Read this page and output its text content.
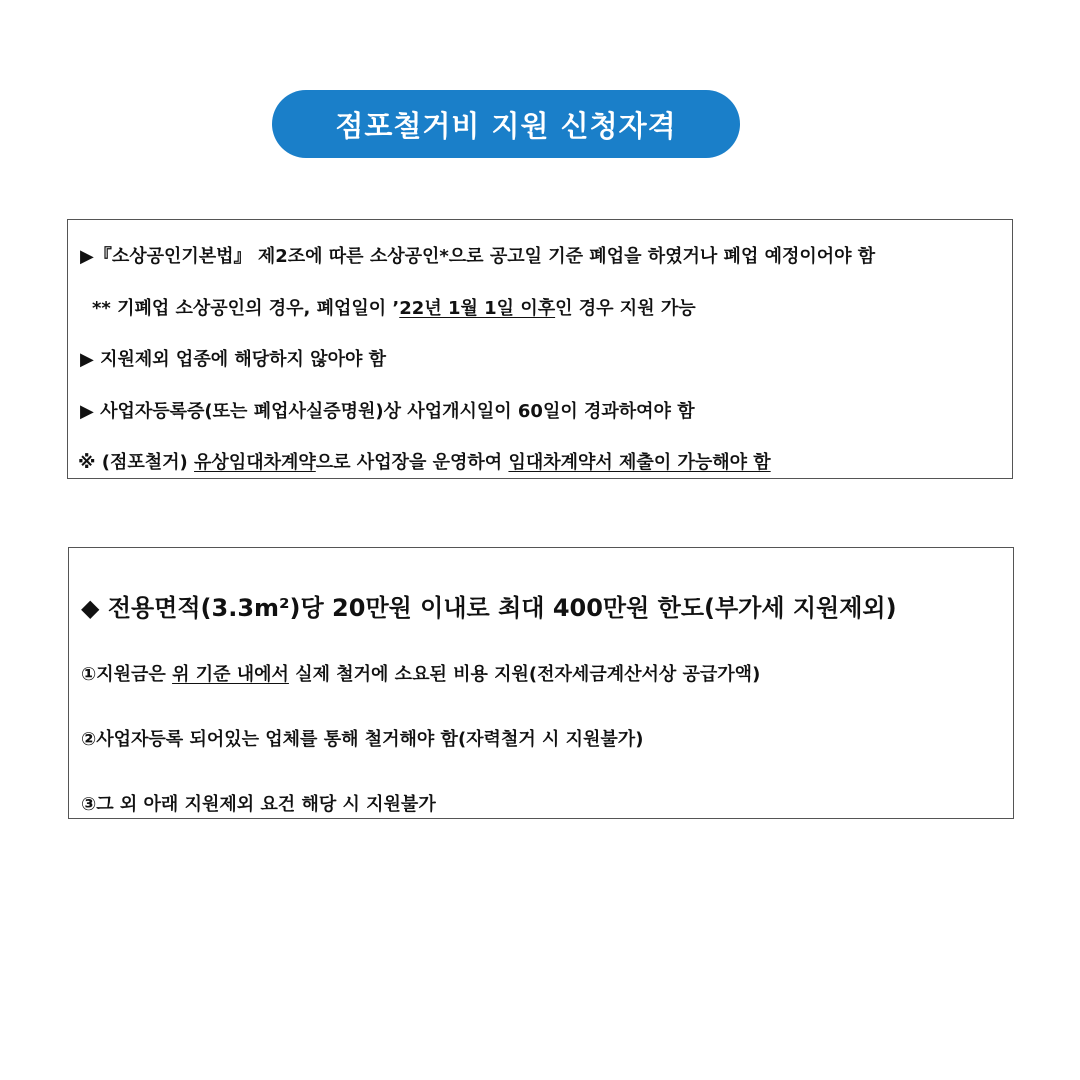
점포철거비 지원 신청자격
▶『소상공인기본법』 제2조에 따른 소상공인*으로 공고일 기준 폐업을 하였거나 폐업 예정이어야 함
** 기폐업 소상공인의 경우, 폐업일이 ’22년 1월 1일 이후인 경우 지원 가능
▶ 지원제외 업종에 해당하지 않아야 함
▶ 사업자등록증(또는 폐업사실증명원)상 사업개시일이 60일이 경과하여야 함
※ (점포철거) 유상임대차계약으로 사업장을 운영하여 임대차계약서 제출이 가능해야 함
◆ 전용면적(3.3m²)당 20만원 이내로 최대 400만원 한도(부가세 지원제외)
①지원금은 위 기준 내에서 실제 철거에 소요된 비용 지원(전자세금계산서상 공급가액)
②사업자등록 되어있는 업체를 통해 철거해야 함(자력철거 시 지원불가)
③그 외 아래 지원제외 요건 해당 시 지원불가
